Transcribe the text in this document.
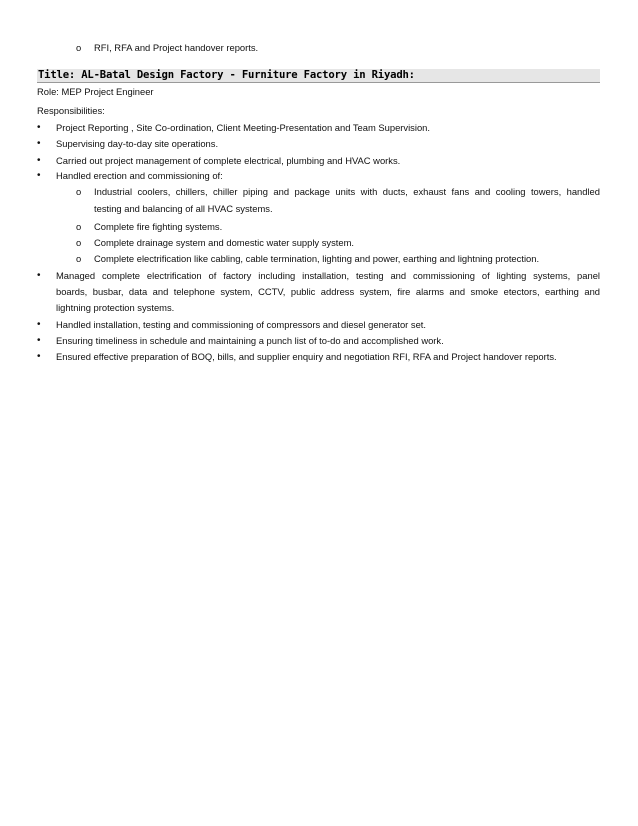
o RFI, RFA and Project handover reports.
Title: AL-Batal Design Factory - Furniture Factory in Riyadh:
Role: MEP Project Engineer
Responsibilities:
• Project Reporting , Site Co-ordination, Client Meeting-Presentation and Team Supervision.
• Supervising day-to-day site operations.
• Carried out project management of complete electrical, plumbing and HVAC works.
• Handled erection and commissioning of:
o Industrial coolers, chillers, chiller piping and package units with ducts, exhaust fans and cooling towers, handled
testing and balancing of all HVAC systems.
o Complete fire fighting systems.
o Complete drainage system and domestic water supply system.
o Complete electrification like cabling, cable termination, lighting and power, earthing and lightning protection.
• Managed complete electrification of factory including installation, testing and commissioning of lighting systems, panel
boards, busbar, data and telephone system, CCTV, public address system, fire alarms and smoke etectors, earthing and
lightning protection systems.
• Handled installation, testing and commissioning of compressors and diesel generator set.
• Ensuring timeliness in schedule and maintaining a punch list of to-do and accomplished work.
• Ensured effective preparation of BOQ, bills, and supplier enquiry and negotiation RFI, RFA and Project handover reports.
